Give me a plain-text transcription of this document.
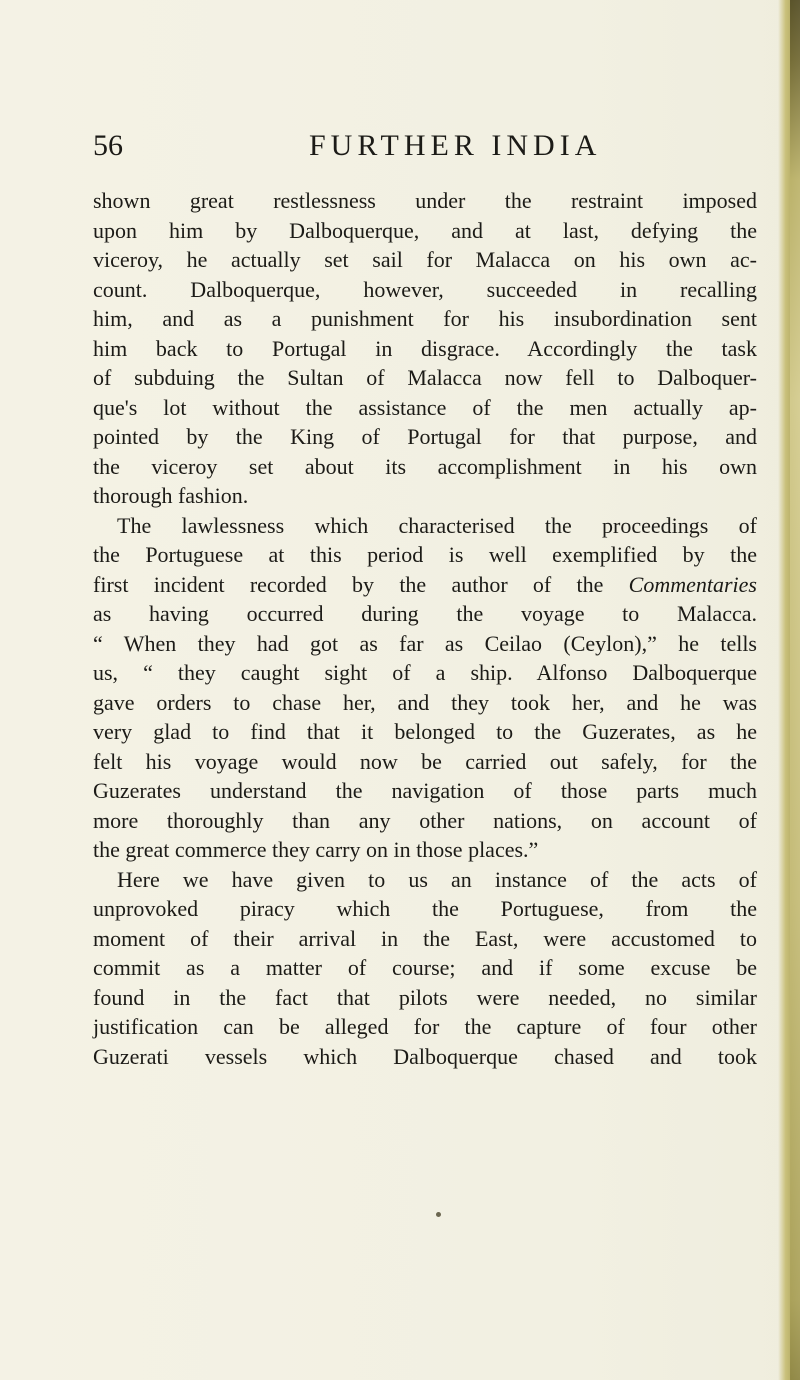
56	FURTHER INDIA
shown great restlessness under the restraint imposed
upon him by Dalboquerque, and at last, defying the
viceroy, he actually set sail for Malacca on his own ac-
count. Dalboquerque, however, succeeded in recalling
him, and as a punishment for his insubordination sent
him back to Portugal in disgrace. Accordingly the task
of subduing the Sultan of Malacca now fell to Dalboquer-
que's lot without the assistance of the men actually ap-
pointed by the King of Portugal for that purpose, and
the viceroy set about its accomplishment in his own
thorough fashion.
The lawlessness which characterised the proceedings of
the Portuguese at this period is well exemplified by the
first incident recorded by the author of the Commentaries
as having occurred during the voyage to Malacca.
“ When they had got as far as Ceilao (Ceylon),” he tells
us, “ they caught sight of a ship. Alfonso Dalboquerque
gave orders to chase her, and they took her, and he was
very glad to find that it belonged to the Guzerates, as he
felt his voyage would now be carried out safely, for the
Guzerates understand the navigation of those parts much
more thoroughly than any other nations, on account of
the great commerce they carry on in those places.”
Here we have given to us an instance of the acts of
unprovoked piracy which the Portuguese, from the
moment of their arrival in the East, were accustomed to
commit as a matter of course; and if some excuse be
found in the fact that pilots were needed, no similar
justification can be alleged for the capture of four other
Guzerati vessels which Dalboquerque chased and took
